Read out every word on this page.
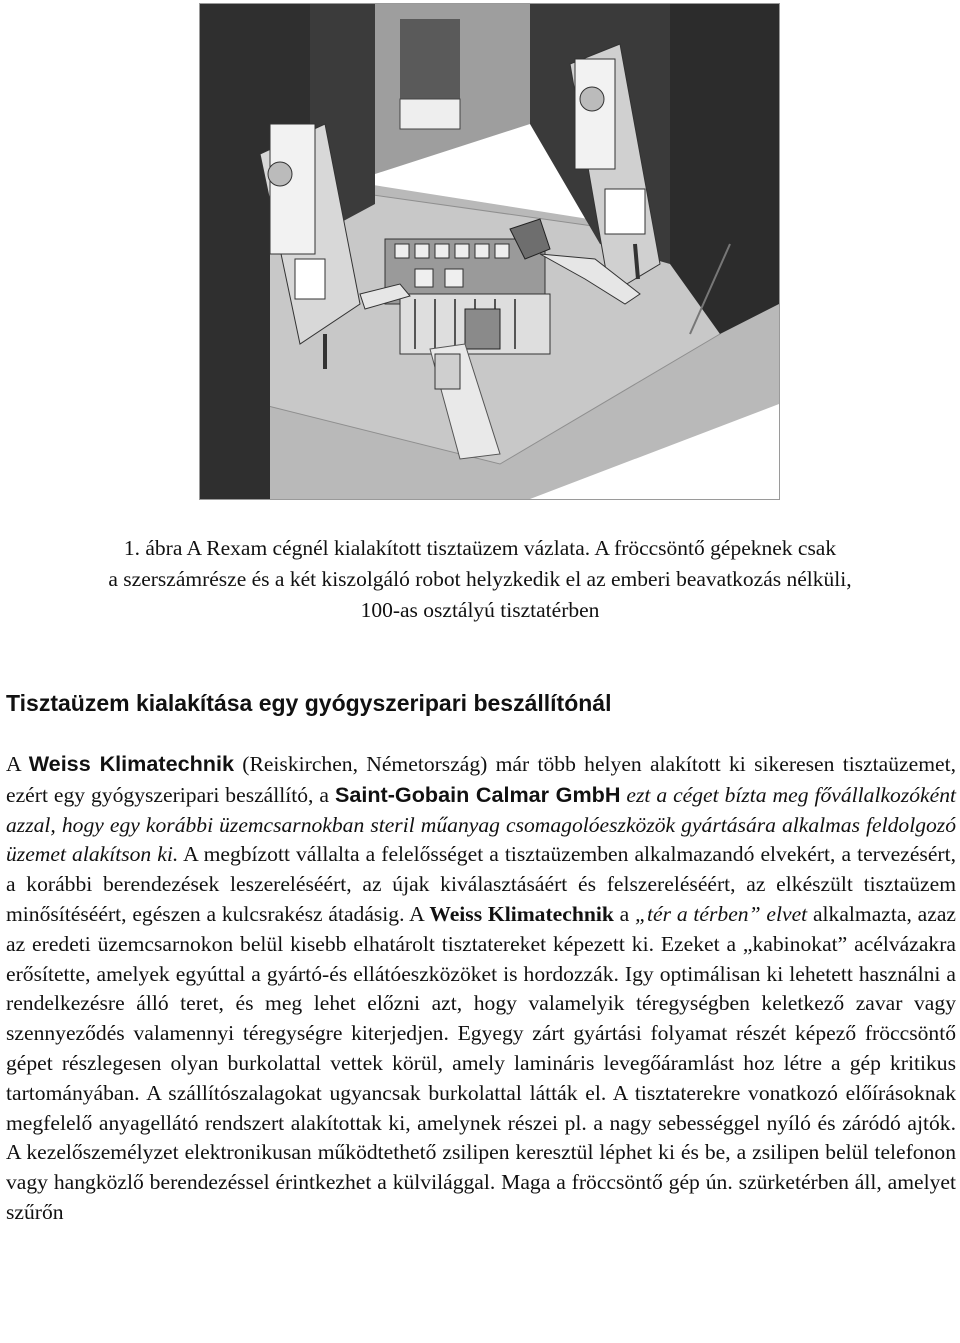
1. ábra A Rexam cégnél kialakított tisztaüzem vázlata. A fröccsöntő gépeknek csak
a szerszámrésze és a két kiszolgáló robot helyzkedik el az emberi beavatkozás nélküli,
100-as osztályú tisztatérben
Tisztaüzem kialakítása egy gyógyszeripari beszállítónál

A Weiss Klimatechnik (Reiskirchen, Németország) már több helyen alakított ki sikeresen tisztaüzemet, ezért egy gyógyszeripari beszállító, a Saint-Gobain Calmar GmbH ezt a céget bízta meg fővállalkozóként azzal, hogy egy korábbi üzemcsarnokban steril műanyag csomagolóeszközök gyártására alkalmas feldolgozó üzemet alakítson ki. A megbízott vállalta a felelősséget a tisztaüzemben alkalmazandó elvekért, a tervezésért, a korábbi berendezések leszereléséért, az újak kiválasztásáért és felszereléséért, az elkészült tisztaüzem minősítéséért, egészen a kulcsrakész átadásig. A Weiss Klimatechnik a „tér a térben” elvet alkalmazta, azaz az eredeti üzemcsarnokon belül kisebb elhatárolt tisztatereket képezett ki. Ezeket a „kabinokat” acélvázakra erősítette, amelyek egyúttal a gyártó-és ellátóeszközöket is hordozzák. Igy optimálisan ki lehetett használni a rendelkezésre álló teret, és meg lehet előzni azt, hogy valamelyik téregységben keletkező zavar vagy szennyeződés valamennyi téregységre kiterjedjen. Egyegy zárt gyártási folyamat részét képező fröccsöntő gépet részlegesen olyan burkolattal vettek körül, amely lamináris levegőáramlást hoz létre a gép kritikus tartományában. A szállítószalagokat ugyancsak burkolattal látták el. A tisztaterekre vonatkozó előírásoknak megfelelő anyagellátó rendszert alakítottak ki, amelynek részei pl. a nagy sebességgel nyíló és záródó ajtók. A kezelőszemélyzet elektronikusan működtethető zsilipen keresztül léphet ki és be, a zsilipen belül telefonon vagy hangközlő berendezéssel érintkezhet a külvilággal. Maga a fröccsöntő gép ún. szürketérben áll, amelyet szűrőn
